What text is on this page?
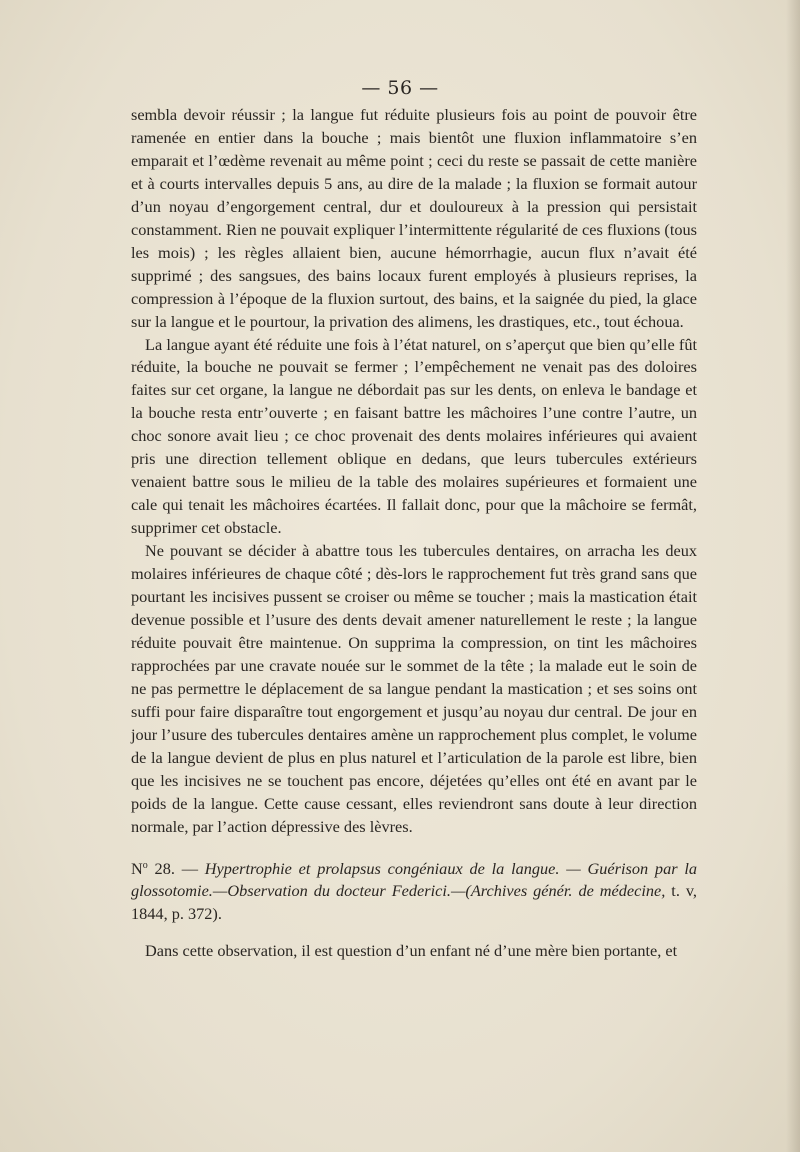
— 56 —

sembla devoir réussir ; la langue fut réduite plusieurs fois au point de pouvoir être ramenée en entier dans la bouche ; mais bientôt une fluxion inflammatoire s’en emparait et l’œdème revenait au même point ; ceci du reste se passait de cette manière et à courts intervalles depuis 5 ans, au dire de la malade ; la fluxion se formait autour d’un noyau d’engorgement central, dur et douloureux à la pression qui persistait constamment. Rien ne pouvait expliquer l’intermittente régularité de ces fluxions (tous les mois) ; les règles allaient bien, aucune hémorrhagie, aucun flux n’avait été supprimé ; des sangsues, des bains locaux furent employés à plusieurs reprises, la compression à l’époque de la fluxion surtout, des bains, et la saignée du pied, la glace sur la langue et le pourtour, la privation des alimens, les drastiques, etc., tout échoua.

La langue ayant été réduite une fois à l’état naturel, on s’aperçut que bien qu’elle fût réduite, la bouche ne pouvait se fermer ; l’empêchement ne venait pas des doloires faites sur cet organe, la langue ne débordait pas sur les dents, on enleva le bandage et la bouche resta entr’ouverte ; en faisant battre les mâchoires l’une contre l’autre, un choc sonore avait lieu ; ce choc provenait des dents molaires inférieures qui avaient pris une direction tellement oblique en dedans, que leurs tubercules extérieurs venaient battre sous le milieu de la table des molaires supérieures et formaient une cale qui tenait les mâchoires écartées. Il fallait donc, pour que la mâchoire se fermât, supprimer cet obstacle.

Ne pouvant se décider à abattre tous les tubercules dentaires, on arracha les deux molaires inférieures de chaque côté ; dès-lors le rapprochement fut très grand sans que pourtant les incisives pussent se croiser ou même se toucher ; mais la mastication était devenue possible et l’usure des dents devait amener naturellement le reste ; la langue réduite pouvait être maintenue. On supprima la compression, on tint les mâchoires rapprochées par une cravate nouée sur le sommet de la tête ; la malade eut le soin de ne pas permettre le déplacement de sa langue pendant la mastication ; et ses soins ont suffi pour faire disparaître tout engorgement et jusqu’au noyau dur central. De jour en jour l’usure des tubercules dentaires amène un rapprochement plus complet, le volume de la langue devient de plus en plus naturel et l’articulation de la parole est libre, bien que les incisives ne se touchent pas encore, déjetées qu’elles ont été en avant par le poids de la langue. Cette cause cessant, elles reviendront sans doute à leur direction normale, par l’action dépressive des lèvres.

$N^o$ 28. — Hypertrophie et prolapsus congéniaux de la langue. — Guérison par la glossotomie.—Observation du docteur Federici.—(Archives génér. de médecine, t. v, 1844, p. 372).

Dans cette observation, il est question d’un enfant né d’une mère bien portante, et
